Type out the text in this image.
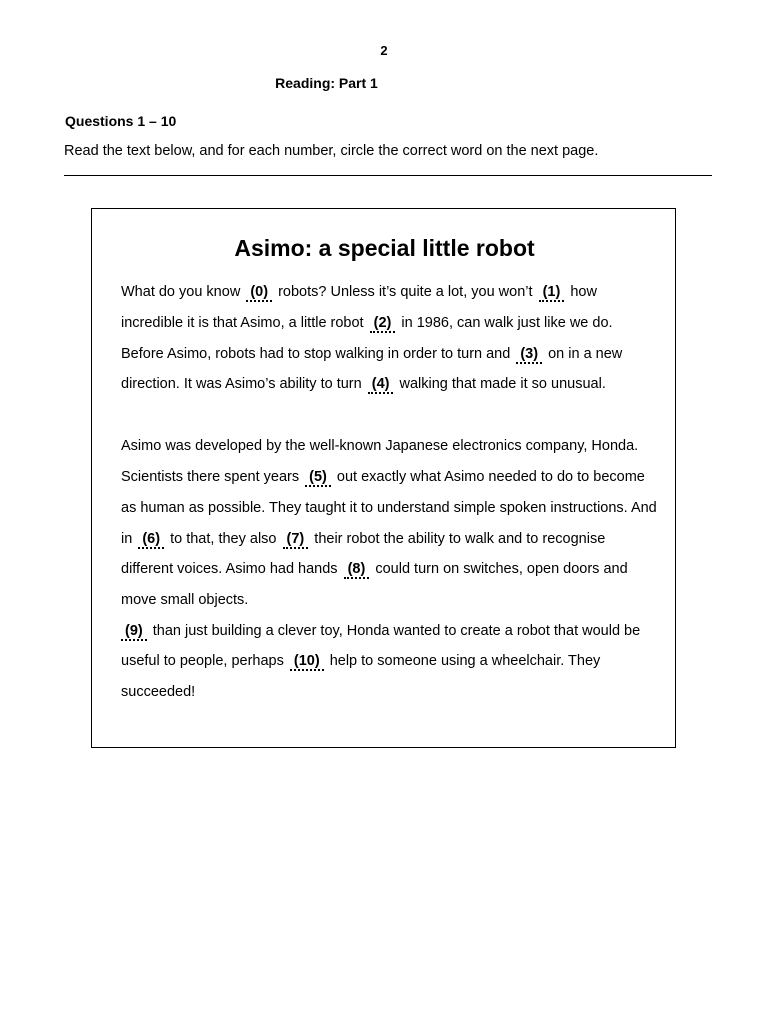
2
Reading: Part 1
Questions 1 – 10
Read the text below, and for each number, circle the correct word on the next page.
Asimo: a special little robot
What do you know (0) robots? Unless it’s quite a lot, you won’t (1) how
incredible it is that Asimo, a little robot (2) in 1986, can walk just like we do.
Before Asimo, robots had to stop walking in order to turn and (3) on in a new
direction. It was Asimo’s ability to turn (4) walking that made it so unusual.
Asimo was developed by the well-known Japanese electronics company, Honda.
Scientists there spent years (5) out exactly what Asimo needed to do to become
as human as possible. They taught it to understand simple spoken instructions. And
in (6) to that, they also (7) their robot the ability to walk and to recognise
different voices. Asimo had hands (8) could turn on switches, open doors and
move small objects.
(9) than just building a clever toy, Honda wanted to create a robot that would be
useful to people, perhaps (10) help to someone using a wheelchair. They
succeeded!
